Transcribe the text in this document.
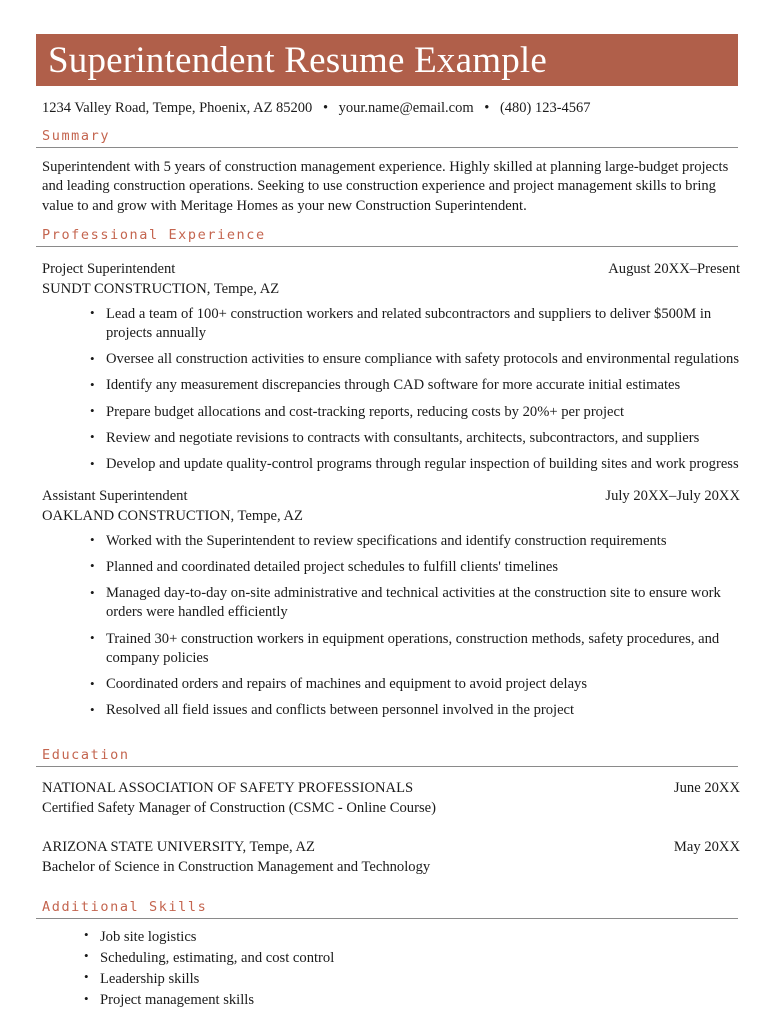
Superintendent Resume Example
1234 Valley Road, Tempe, Phoenix, AZ 85200 • your.name@email.com • (480) 123-4567
Summary

Superintendent with 5 years of construction management experience. Highly skilled at planning large-budget projects and leading construction operations. Seeking to use construction experience and project management skills to bring value to and grow with Meritage Homes as your new Construction Superintendent.

Professional Experience
Project Superintendent	August 20XX–Present
SUNDT CONSTRUCTION, Tempe, AZ
• Lead a team of 100+ construction workers and related subcontractors and suppliers to deliver $500M in projects annually
• Oversee all construction activities to ensure compliance with safety protocols and environmental regulations
• Identify any measurement discrepancies through CAD software for more accurate initial estimates
• Prepare budget allocations and cost-tracking reports, reducing costs by 20%+ per project
• Review and negotiate revisions to contracts with consultants, architects, subcontractors, and suppliers
• Develop and update quality-control programs through regular inspection of building sites and work progress
Assistant Superintendent	July 20XX–July 20XX
OAKLAND CONSTRUCTION, Tempe, AZ
• Worked with the Superintendent to review specifications and identify construction requirements
• Planned and coordinated detailed project schedules to fulfill clients' timelines
• Managed day-to-day on-site administrative and technical activities at the construction site to ensure work orders were handled efficiently
• Trained 30+ construction workers in equipment operations, construction methods, safety procedures, and company policies
• Coordinated orders and repairs of machines and equipment to avoid project delays
• Resolved all field issues and conflicts between personnel involved in the project
Education
NATIONAL ASSOCIATION OF SAFETY PROFESSIONALS	June 20XX
Certified Safety Manager of Construction (CSMC - Online Course)
ARIZONA STATE UNIVERSITY, Tempe, AZ	May 20XX
Bachelor of Science in Construction Management and Technology
Additional Skills
• Job site logistics
• Scheduling, estimating, and cost control
• Leadership skills
• Project management skills
